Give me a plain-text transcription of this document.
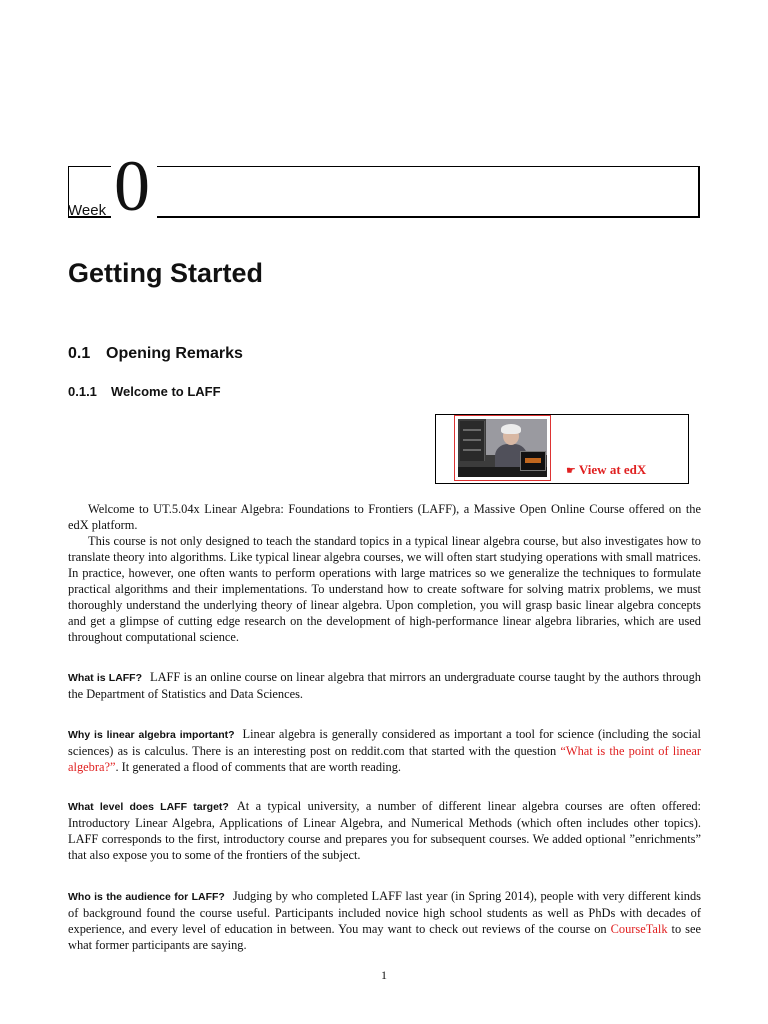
Week 0
Getting Started
0.1 Opening Remarks
0.1.1 Welcome to LAFF
☛ View at edX

Welcome to UT.5.04x Linear Algebra: Foundations to Frontiers (LAFF), a Massive Open Online Course offered on the edX platform.

This course is not only designed to teach the standard topics in a typical linear algebra course, but also investigates how to translate theory into algorithms. Like typical linear algebra courses, we will often start studying operations with small matrices. In practice, however, one often wants to perform operations with large matrices so we generalize the techniques to formulate practical algorithms and their implementations. To understand how to create software for solving matrix problems, we must thoroughly understand the underlying theory of linear algebra. Upon completion, you will grasp basic linear algebra concepts and get a glimpse of cutting edge research on the development of high-performance linear algebra libraries, which are used throughout computational science.

What is LAFF? LAFF is an online course on linear algebra that mirrors an undergraduate course taught by the authors through the Department of Statistics and Data Sciences.

Why is linear algebra important? Linear algebra is generally considered as important a tool for science (including the social sciences) as is calculus. There is an interesting post on reddit.com that started with the question “What is the point of linear algebra?”. It generated a flood of comments that are worth reading.

What level does LAFF target? At a typical university, a number of different linear algebra courses are often offered: Introductory Linear Algebra, Applications of Linear Algebra, and Numerical Methods (which often includes other topics). LAFF corresponds to the first, introductory course and prepares you for subsequent courses. We added optional ”enrichments” that also expose you to some of the frontiers of the subject.

Who is the audience for LAFF? Judging by who completed LAFF last year (in Spring 2014), people with very different kinds of background found the course useful. Participants included novice high school students as well as PhDs with decades of experience, and every level of education in between. You may want to check out reviews of the course on CourseTalk to see what former participants are saying.

1
